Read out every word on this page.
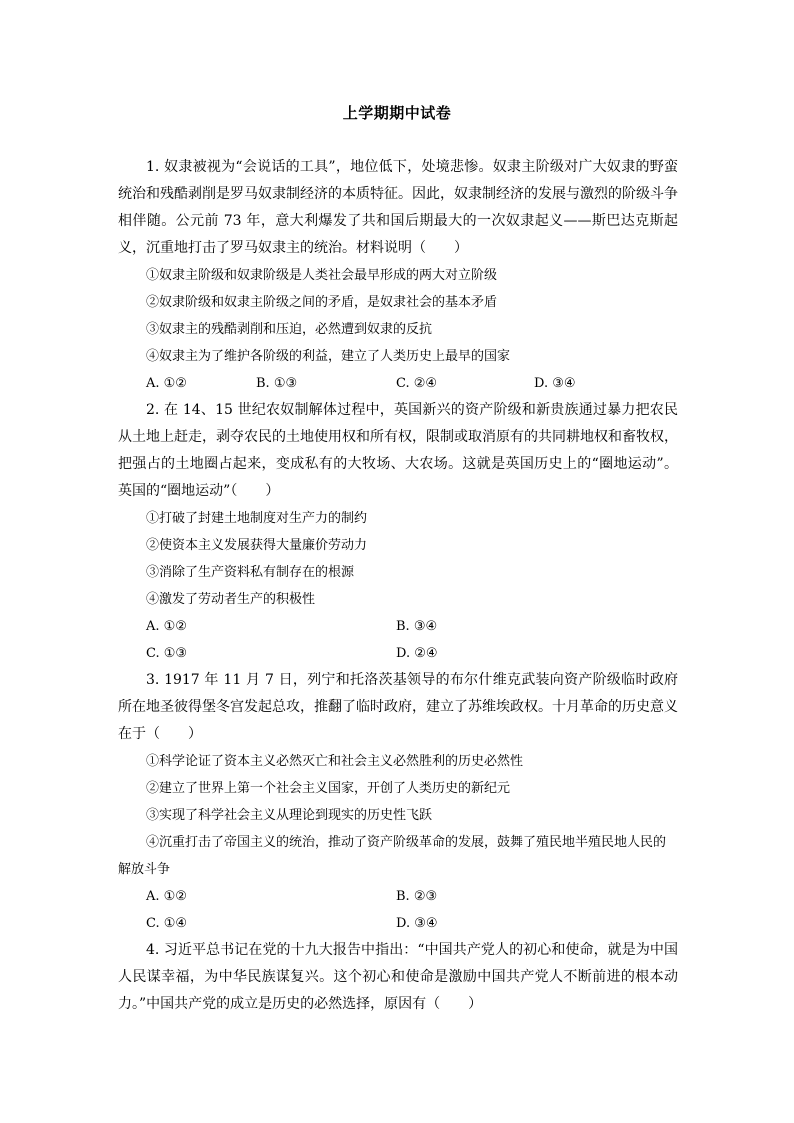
上学期期中试卷

1. 奴隶被视为“会说话的工具”，地位低下，处境悲惨。奴隶主阶级对广大奴隶的野蛮统治和残酷剥削是罗马奴隶制经济的本质特征。因此，奴隶制经济的发展与激烈的阶级斗争相伴随。公元前 73 年，意大利爆发了共和国后期最大的一次奴隶起义——斯巴达克斯起义，沉重地打击了罗马奴隶主的统治。材料说明（　　）

①奴隶主阶级和奴隶阶级是人类社会最早形成的两大对立阶级

②奴隶阶级和奴隶主阶级之间的矛盾，是奴隶社会的基本矛盾

③奴隶主的残酷剥削和压迫，必然遭到奴隶的反抗

④奴隶主为了维护各阶级的利益，建立了人类历史上最早的国家

A. ①②	B. ①③	C. ②④	D. ③④

2. 在 14、15 世纪农奴制解体过程中，英国新兴的资产阶级和新贵族通过暴力把农民从土地上赶走，剥夺农民的土地使用权和所有权，限制或取消原有的共同耕地权和畜牧权，把强占的土地圈占起来，变成私有的大牧场、大农场。这就是英国历史上的“圈地运动”。英国的“圈地运动”（　　）

①打破了封建土地制度对生产力的制约

②使资本主义发展获得大量廉价劳动力

③消除了生产资料私有制存在的根源

④激发了劳动者生产的积极性

A. ①②	B. ③④
C. ①③	D. ②④

3. 1917 年 11 月 7 日，列宁和托洛茨基领导的布尔什维克武装向资产阶级临时政府所在地圣彼得堡冬宫发起总攻，推翻了临时政府，建立了苏维埃政权。十月革命的历史意义在于（　　）

①科学论证了资本主义必然灭亡和社会主义必然胜利的历史必然性

②建立了世界上第一个社会主义国家，开创了人类历史的新纪元

③实现了科学社会主义从理论到现实的历史性飞跃

④沉重打击了帝国主义的统治，推动了资产阶级革命的发展，鼓舞了殖民地半殖民地人民的解放斗争

A. ①②	B. ②③
C. ①④	D. ③④

4. 习近平总书记在党的十九大报告中指出：“中国共产党人的初心和使命，就是为中国人民谋幸福，为中华民族谋复兴。这个初心和使命是激励中国共产党人不断前进的根本动力。”中国共产党的成立是历史的必然选择，原因有（　　）
